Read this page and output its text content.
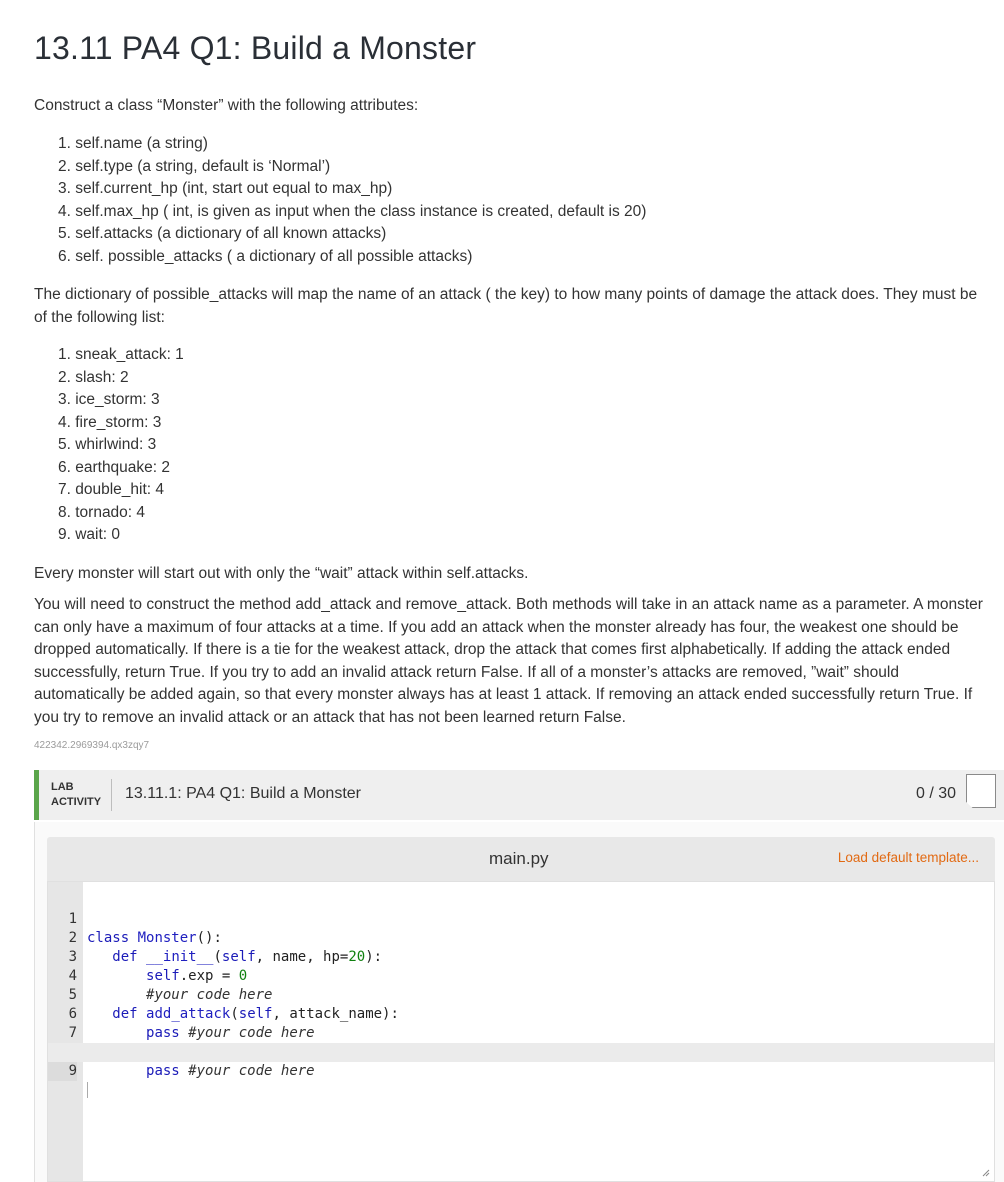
13.11 PA4 Q1: Build a Monster

Construct a class “Monster” with the following attributes:

1. self.name (a string)
2. self.type (a string, default is ‘Normal’)
3. self.current_hp (int, start out equal to max_hp)
4. self.max_hp ( int, is given as input when the class instance is created, default is 20)
5. self.attacks (a dictionary of all known attacks)
6. self. possible_attacks ( a dictionary of all possible attacks)
The dictionary of possible_attacks will map the name of an attack ( the key) to how many points of damage the attack does. They must be
of the following list:
1. sneak_attack: 1
2. slash: 2
3. ice_storm: 3
4. fire_storm: 3
5. whirlwind: 3
6. earthquake: 2
7. double_hit: 4
8. tornado: 4
9. wait: 0

Every monster will start out with only the “wait” attack within self.attacks.

You will need to construct the method add_attack and remove_attack. Both methods will take in an attack name as a parameter. A monster
can only have a maximum of four attacks at a time. If you add an attack when the monster already has four, the weakest one should be
dropped automatically. If there is a tie for the weakest attack, drop the attack that comes first alphabetically. If adding the attack ended
successfully, return True. If you try to add an invalid attack return False. If all of a monster’s attacks are removed, ”wait” should
automatically be added again, so that every monster always has at least 1 attack. If removing an attack ended successfully return True. If
you try to remove an invalid attack or an attack that has not been learned return False.
422342.2969394.qx3zqy7
LAB
ACTIVITY 13.11.1: PA4 Q1: Build a Monster	0 / 30
main.py	Load default template...

1

class Monster():

2

def __init__(self, name, hp=20):

3

self.exp = 0

4

#your code here

5

def add_attack(self, attack_name):

6

pass #your code here

7

pass #your code here

9
